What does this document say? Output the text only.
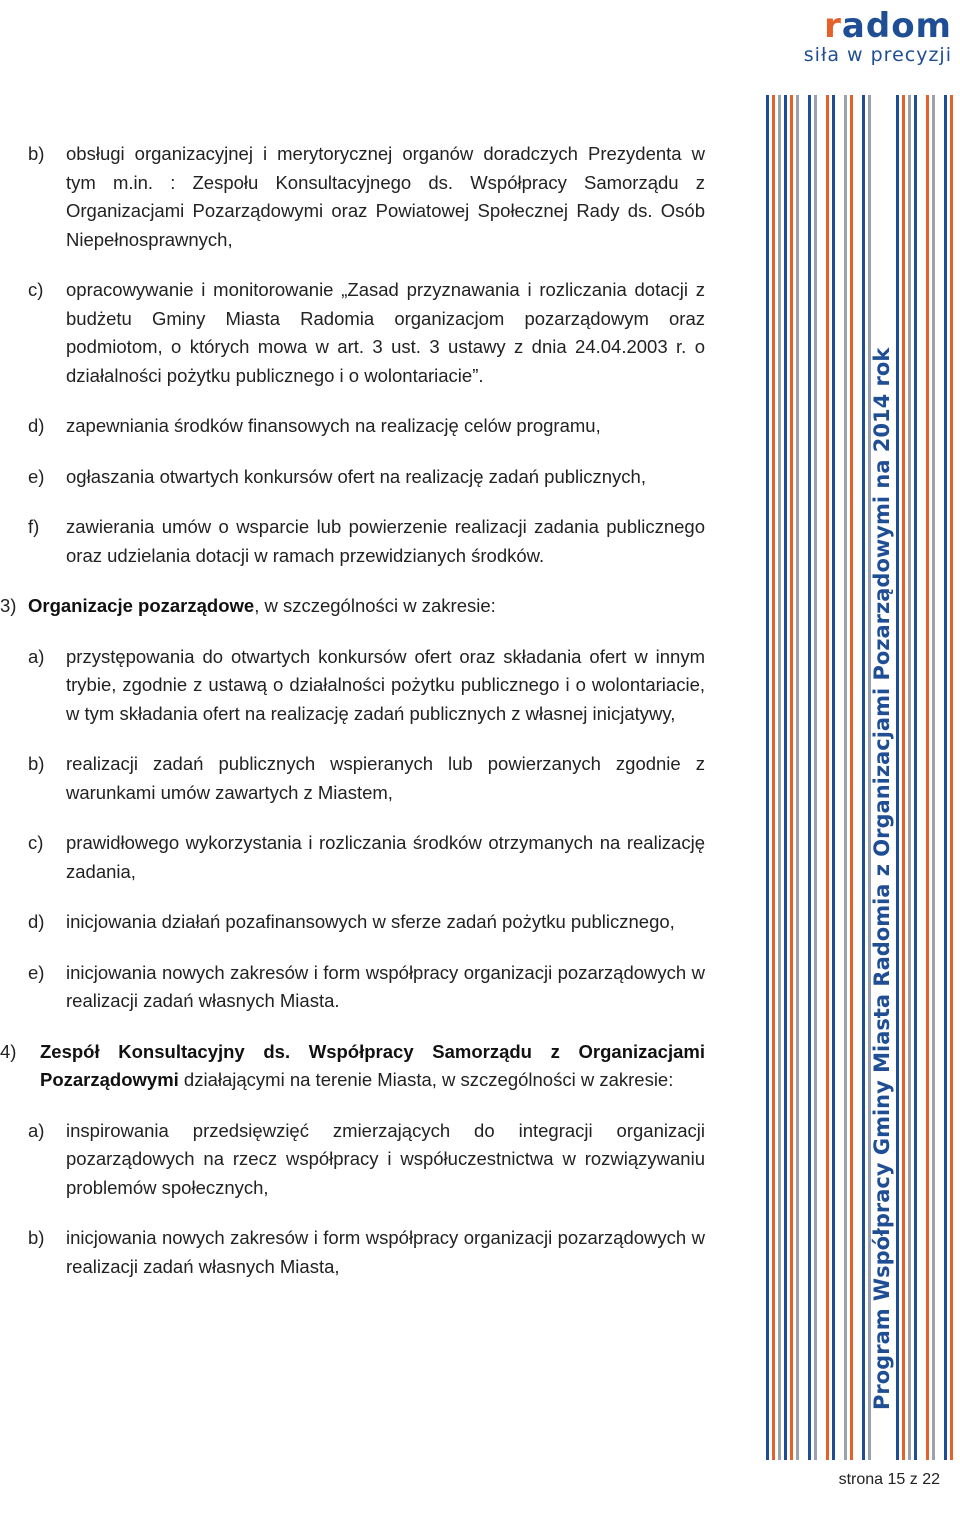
radom
siła w precyzji
Program Współpracy Gminy Miasta Radomia z Organizacjami Pozarządowymi na 2014 rok
b) obsługi organizacyjnej i merytorycznej organów doradczych Prezydenta w tym m.in. : Zespołu Konsultacyjnego ds. Współpracy Samorządu z Organizacjami Pozarządowymi oraz Powiatowej Społecznej Rady ds. Osób Niepełnosprawnych,
c) opracowywanie i monitorowanie „Zasad przyznawania i rozliczania dotacji z budżetu Gminy Miasta Radomia organizacjom pozarządowym oraz podmiotom, o których mowa w art. 3 ust. 3 ustawy z dnia 24.04.2003 r. o działalności pożytku publicznego i o wolontariacie”.
d) zapewniania środków finansowych na realizację celów programu,
e) ogłaszania otwartych konkursów ofert na realizację zadań publicznych,
f) zawierania umów o wsparcie lub powierzenie realizacji zadania publicznego oraz udzielania dotacji w ramach przewidzianych środków.
3) Organizacje pozarządowe, w szczególności w zakresie:
a) przystępowania do otwartych konkursów ofert oraz składania ofert w innym trybie, zgodnie z ustawą o działalności pożytku publicznego i o wolontariacie, w tym składania ofert na realizację zadań publicznych z własnej inicjatywy,
b) realizacji zadań publicznych wspieranych lub powierzanych zgodnie z warunkami umów zawartych z Miastem,
c) prawidłowego wykorzystania i rozliczania środków otrzymanych na realizację zadania,
d) inicjowania działań pozafinansowych w sferze zadań pożytku publicznego,
e) inicjowania nowych zakresów i form współpracy organizacji pozarządowych w realizacji zadań własnych Miasta.
4) Zespół Konsultacyjny ds. Współpracy Samorządu z Organizacjami Pozarządowymi działającymi na terenie Miasta, w szczególności w zakresie:
a) inspirowania przedsięwzięć zmierzających do integracji organizacji pozarządowych na rzecz współpracy i współuczestnictwa w rozwiązywaniu problemów społecznych,
b) inicjowania nowych zakresów i form współpracy organizacji pozarządowych w realizacji zadań własnych Miasta,
strona 15 z 22
